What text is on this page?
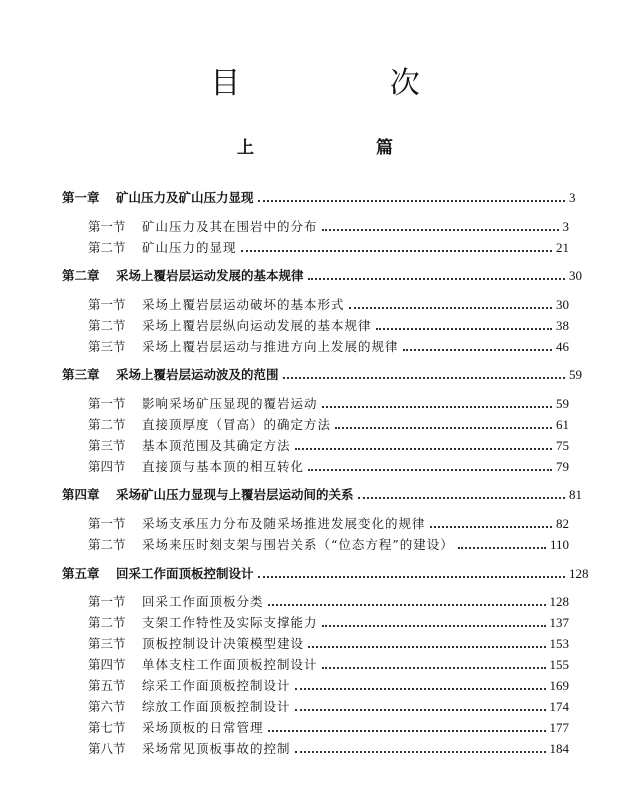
目 次
上 篇
第一章	矿山压力及矿山压力显现	3
第一节	矿山压力及其在围岩中的分布	3
第二节	矿山压力的显现	21
第二章	采场上覆岩层运动发展的基本规律	30
第一节	采场上覆岩层运动破坏的基本形式	30
第二节	采场上覆岩层纵向运动发展的基本规律	38
第三节	采场上覆岩层运动与推进方向上发展的规律	46
第三章	采场上覆岩层运动波及的范围	59
第一节	影响采场矿压显现的覆岩运动	59
第二节	直接顶厚度（冒高）的确定方法	61
第三节	基本顶范围及其确定方法	75
第四节	直接顶与基本顶的相互转化	79
第四章	采场矿山压力显现与上覆岩层运动间的关系	81
第一节	采场支承压力分布及随采场推进发展变化的规律	82
第二节	采场来压时刻支架与围岩关系（“位态方程”的建设）	110
第五章	回采工作面顶板控制设计	128
第一节	回采工作面顶板分类	128
第二节	支架工作特性及实际支撑能力	137
第三节	顶板控制设计决策模型建设	153
第四节	单体支柱工作面顶板控制设计	155
第五节	综采工作面顶板控制设计	169
第六节	综放工作面顶板控制设计	174
第七节	采场顶板的日常管理	177
第八节	采场常见顶板事故的控制	184
